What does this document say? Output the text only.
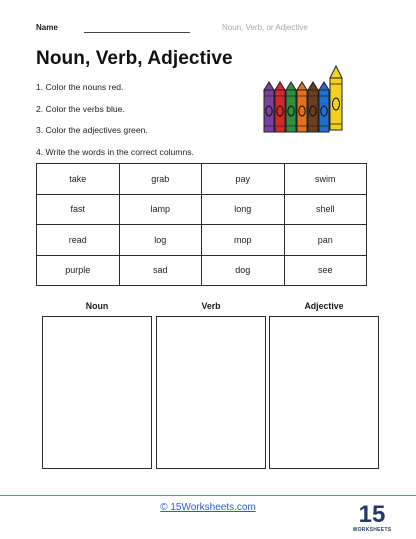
Name	Noun, Verb, or Adjective
Noun, Verb, Adjective
1. Color the nouns red.
2. Color the verbs blue.
3. Color the adjectives green.
4. Write the words in the correct columns.
take	grab	pay	swim
fast	lamp	long	shell
read	log	mop	pan
purple	sad	dog	see
Noun	Verb	Adjective
© 15Worksheets.com	15
WORKSHEETS
